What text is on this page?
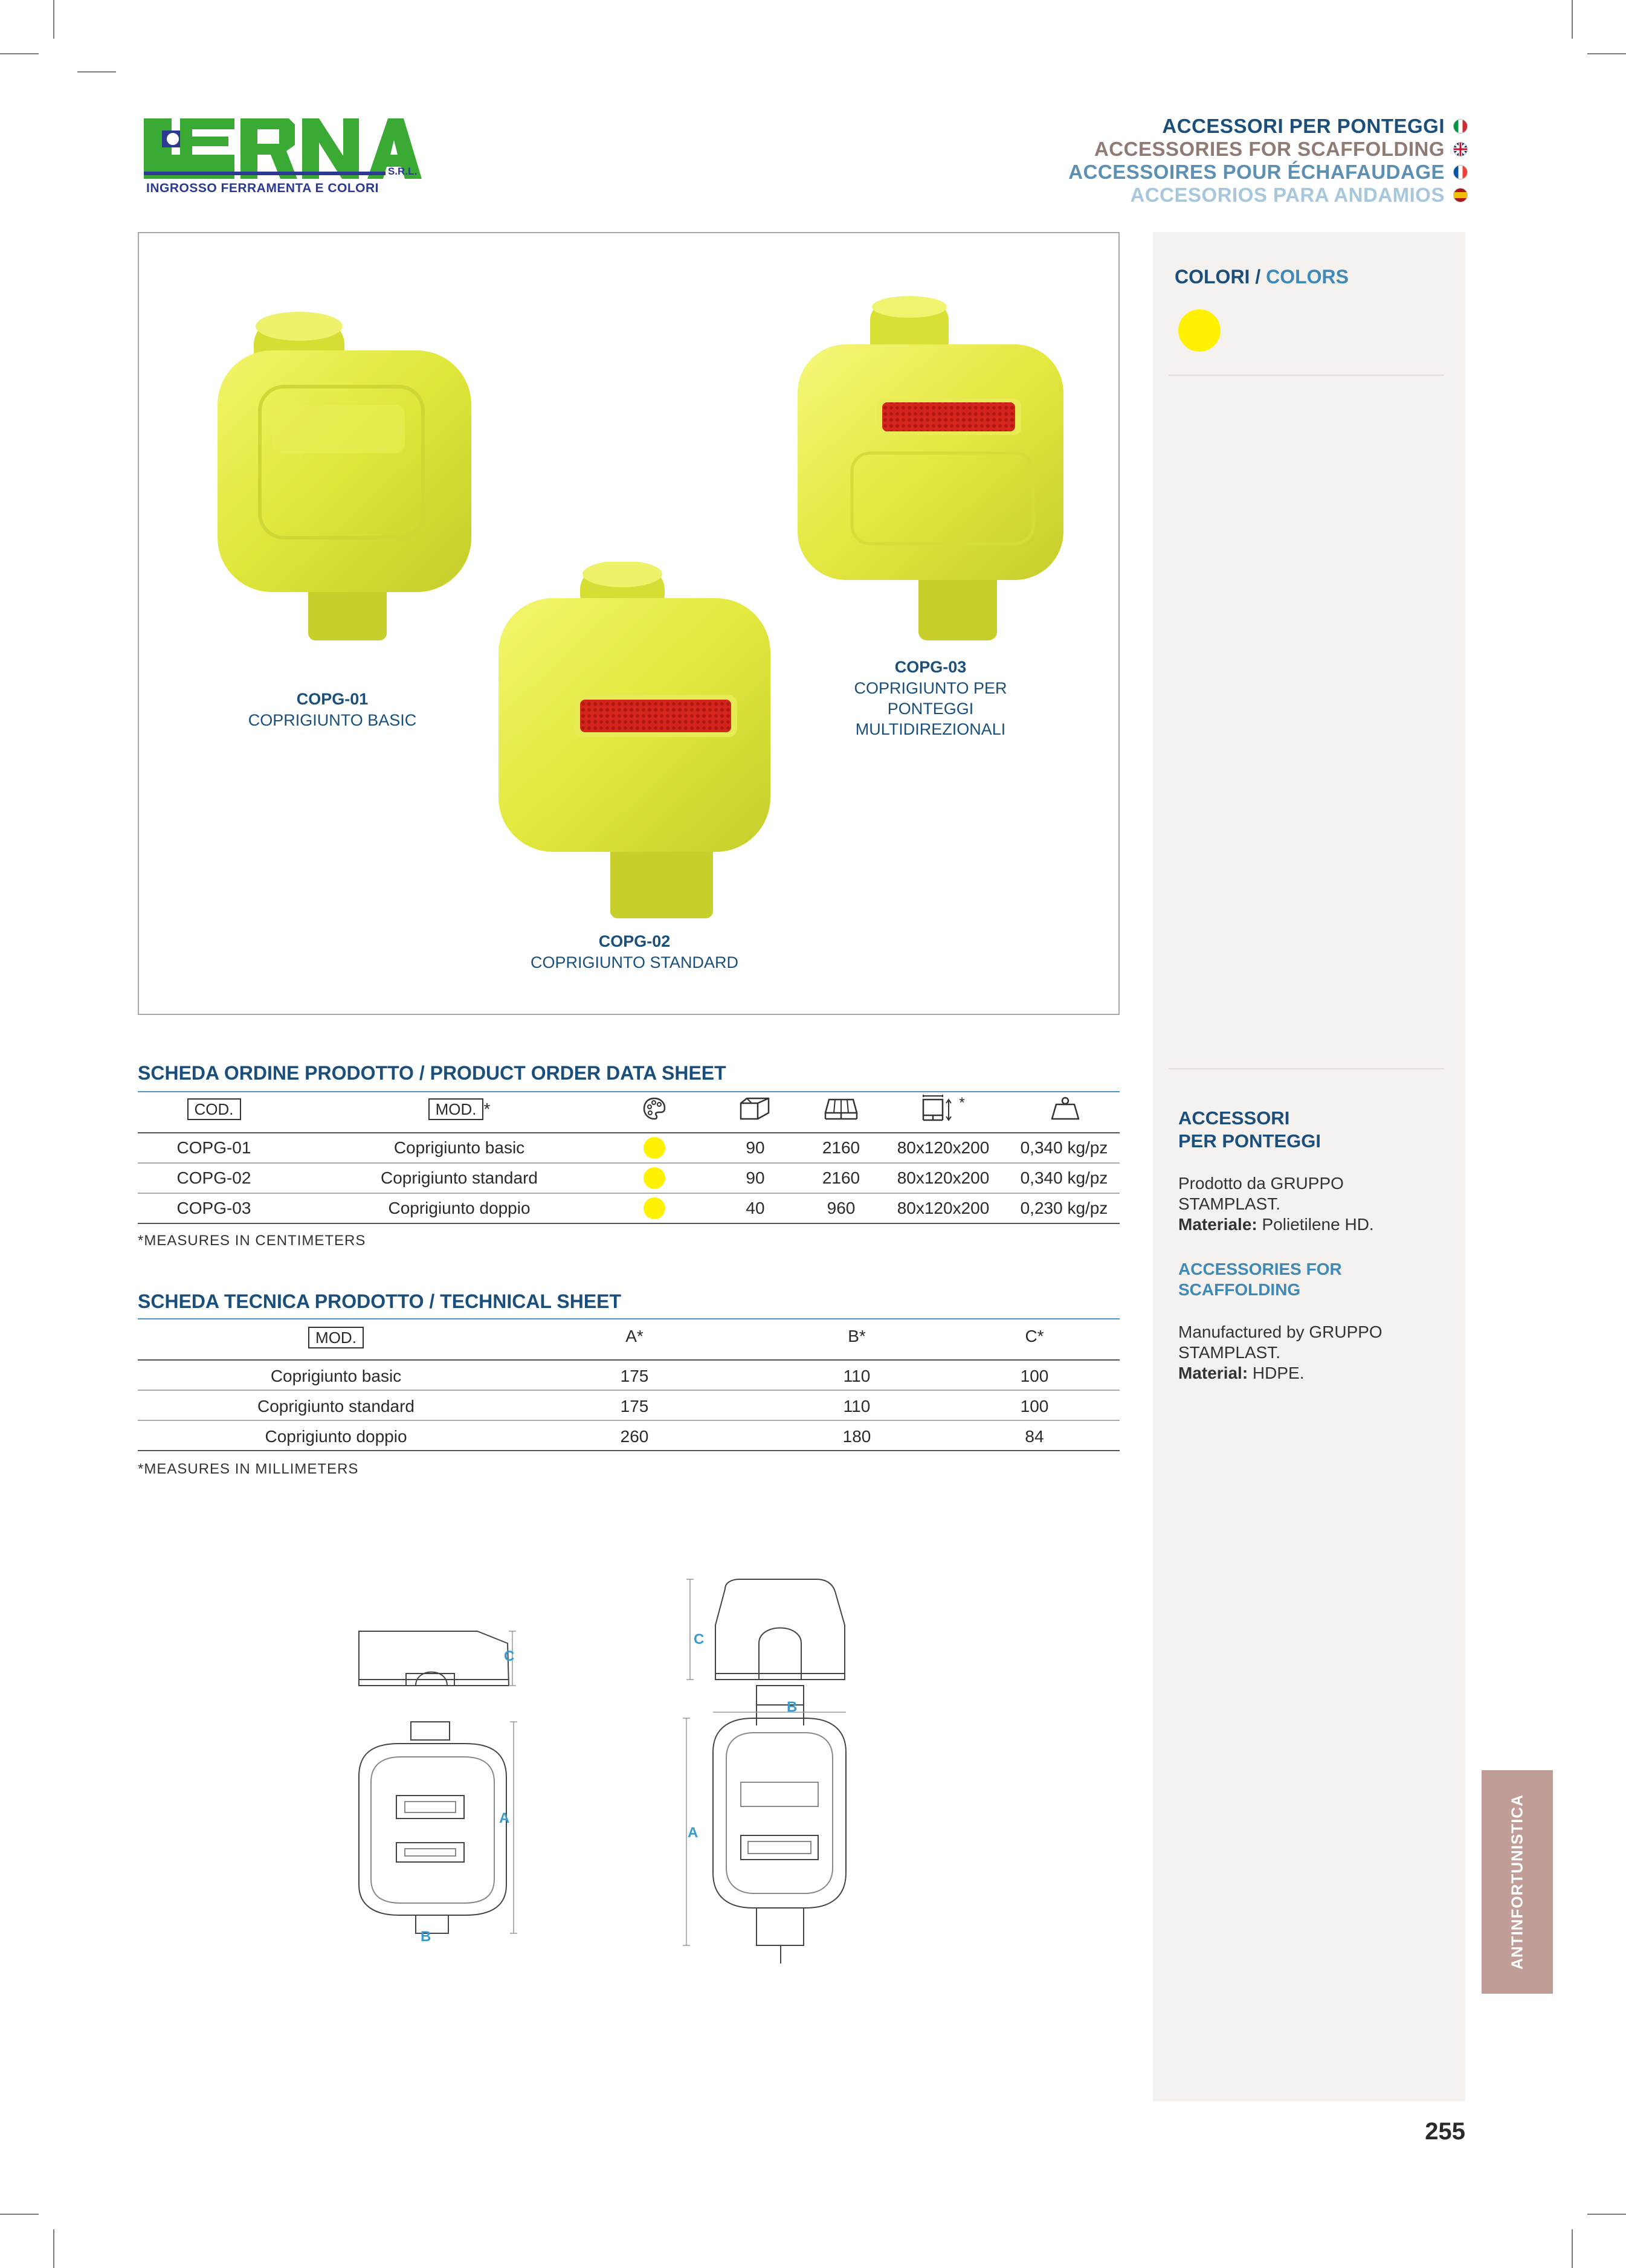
S.R.L.
INGROSSO FERRAMENTA E COLORI
ACCESSORI PER PONTEGGI
ACCESSORIES FOR SCAFFOLDING
ACCESSOIRES POUR ÉCHAFAUDAGE
ACCESORIOS PARA ANDAMIOS
COLORI / COLORS
ACCESSORI
PER PONTEGGI
Prodotto da GRUPPO
STAMPLAST.
Materiale: Polietilene HD.
ACCESSORIES FOR
SCAFFOLDING
Manufactured by GRUPPO
STAMPLAST.
Material: HDPE.
ANTINFORTUNISTICA
COPG-01
COPRIGIUNTO BASIC
COPG-02
COPRIGIUNTO STANDARD
COPG-03
COPRIGIUNTO PER PONTEGGI
MULTIDIREZIONALI
SCHEDA ORDINE PRODOTTO / PRODUCT ORDER DATA SHEET
COD.	MOD. *	*
COPG-01	Coprigiunto basic	90	2160	80x120x200	0,340 kg/pz
COPG-02	Coprigiunto standard	90	2160	80x120x200	0,340 kg/pz
COPG-03	Coprigiunto doppio	40	960	80x120x200	0,230 kg/pz
*MEASURES IN CENTIMETERS
SCHEDA TECNICA PRODOTTO / TECHNICAL SHEET
MOD.	A*	B*	C*
Coprigiunto basic	175	110	100
Coprigiunto standard	175	110	100
Coprigiunto doppio	260	180	84
*MEASURES IN MILLIMETERS
C
A
B
C
B
A
255
